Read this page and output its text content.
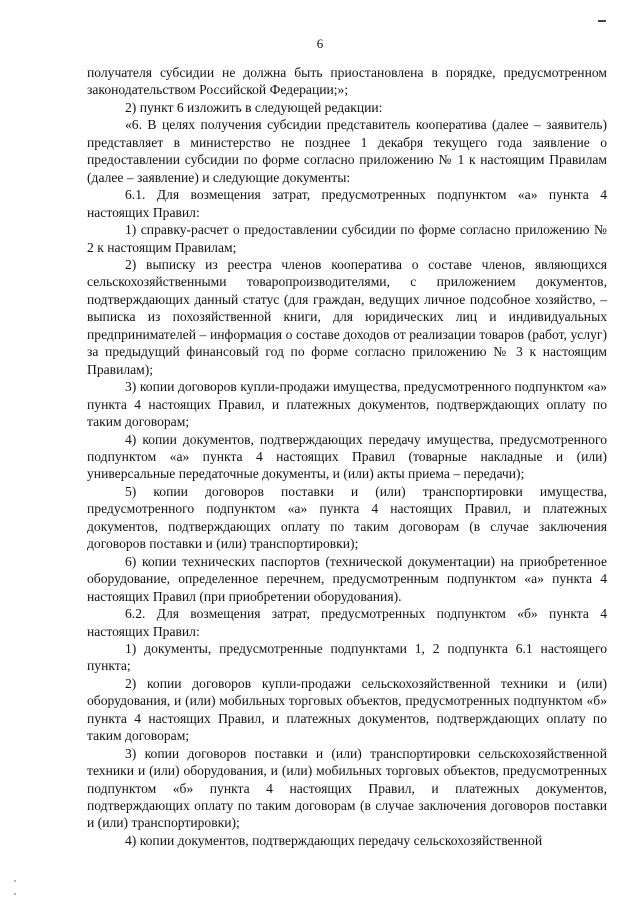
6

получателя субсидии не должна быть приостановлена в порядке, предусмотренном законодательством Российской Федерации;»;

2) пункт 6 изложить в следующей редакции:

«6. В целях получения субсидии представитель кооператива (далее – заявитель) представляет в министерство не позднее 1 декабря текущего года заявление о предоставлении субсидии по форме согласно приложению № 1 к настоящим Правилам (далее – заявление) и следующие документы:

6.1. Для возмещения затрат, предусмотренных подпунктом «а» пункта 4 настоящих Правил:

1) справку-расчет о предоставлении субсидии по форме согласно приложению № 2 к настоящим Правилам;

2) выписку из реестра членов кооператива о составе членов, являющихся сельскохозяйственными товаропроизводителями, с приложением документов, подтверждающих данный статус (для граждан, ведущих личное подсобное хозяйство, – выписка из похозяйственной книги, для юридических лиц и индивидуальных предпринимателей – информация о составе доходов от реализации товаров (работ, услуг) за предыдущий финансовый год по форме согласно приложению № 3 к настоящим Правилам);

3) копии договоров купли-продажи имущества, предусмотренного подпунктом «а» пункта 4 настоящих Правил, и платежных документов, подтверждающих оплату по таким договорам;

4) копии документов, подтверждающих передачу имущества, предусмотренного подпунктом «а» пункта 4 настоящих Правил (товарные накладные и (или) универсальные передаточные документы, и (или) акты приема – передачи);

5) копии договоров поставки и (или) транспортировки имущества, предусмотренного подпунктом «а» пункта 4 настоящих Правил, и платежных документов, подтверждающих оплату по таким договорам (в случае заключения договоров поставки и (или) транспортировки);

6) копии технических паспортов (технической документации) на приобретенное оборудование, определенное перечнем, предусмотренным подпунктом «а» пункта 4 настоящих Правил (при приобретении оборудования).

6.2. Для возмещения затрат, предусмотренных подпунктом «б» пункта 4 настоящих Правил:

1) документы, предусмотренные подпунктами 1, 2 подпункта 6.1 настоящего пункта;

2) копии договоров купли-продажи сельскохозяйственной техники и (или) оборудования, и (или) мобильных торговых объектов, предусмотренных подпунктом «б» пункта 4 настоящих Правил, и платежных документов, подтверждающих оплату по таким договорам;

3) копии договоров поставки и (или) транспортировки сельскохозяйственной техники и (или) оборудования, и (или) мобильных торговых объектов, предусмотренных подпунктом «б» пункта 4 настоящих Правил, и платежных документов, подтверждающих оплату по таким договорам (в случае заключения договоров поставки и (или) транспортировки);

4) копии документов, подтверждающих передачу сельскохозяйственной
